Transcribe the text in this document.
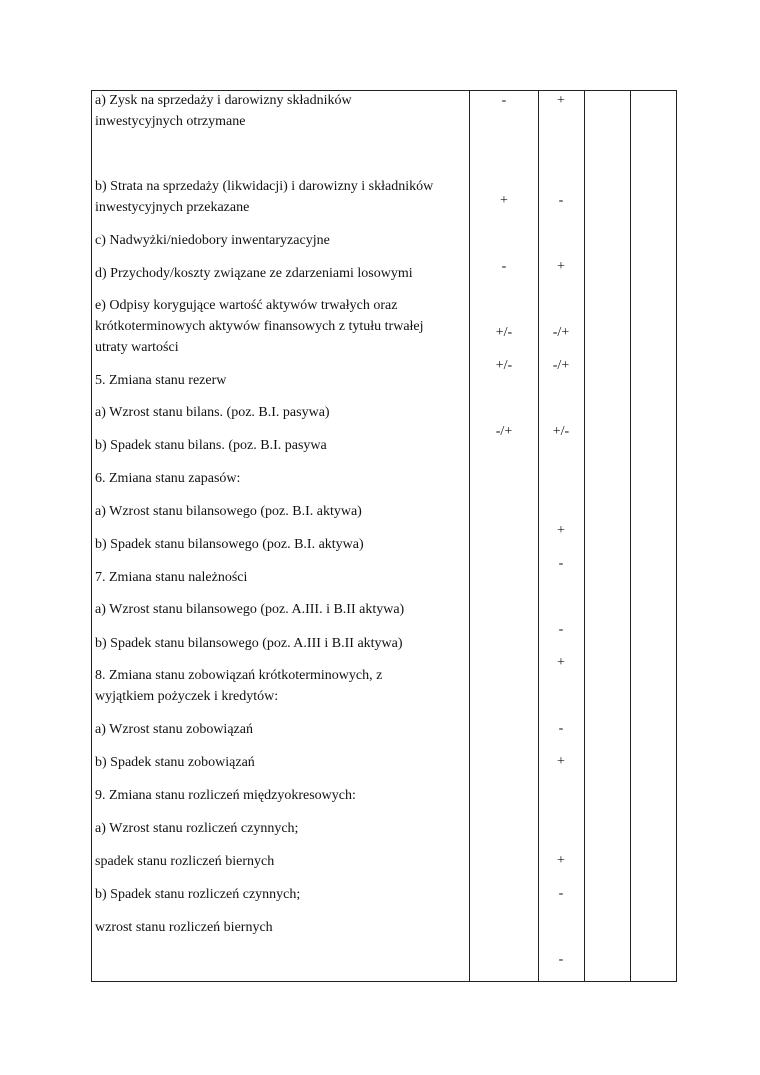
a) Zysk na sprzedaży i darowizny składników
inwestycyjnych otrzymane
b) Strata na sprzedaży (likwidacji) i darowizny i składników
inwestycyjnych przekazane
c) Nadwyżki/niedobory inwentaryzacyjne
d) Przychody/koszty związane ze zdarzeniami losowymi
e) Odpisy korygujące wartość aktywów trwałych oraz
krótkoterminowych aktywów finansowych z tytułu trwałej
utraty wartości
5. Zmiana stanu rezerw
a) Wzrost stanu bilans. (poz. B.I. pasywa)
b) Spadek stanu bilans. (poz. B.I. pasywa
6. Zmiana stanu zapasów:
a) Wzrost stanu bilansowego (poz. B.I. aktywa)
b) Spadek stanu bilansowego (poz. B.I. aktywa)
7. Zmiana stanu należności
a) Wzrost stanu bilansowego (poz. A.III. i B.II aktywa)
b) Spadek stanu bilansowego (poz. A.III i B.II aktywa)
8. Zmiana stanu zobowiązań krótkoterminowych, z
wyjątkiem pożyczek i kredytów:
a) Wzrost stanu zobowiązań
b) Spadek stanu zobowiązań
9. Zmiana stanu rozliczeń międzyokresowych:
a) Wzrost stanu rozliczeń czynnych;
spadek stanu rozliczeń biernych
b) Spadek stanu rozliczeń czynnych;
wzrost stanu rozliczeń biernych
-
+
-
+/-
+/-
-/+
+
-
+
-/+
-/+
+/-
+
-
-
+
-
+
+
-
-
